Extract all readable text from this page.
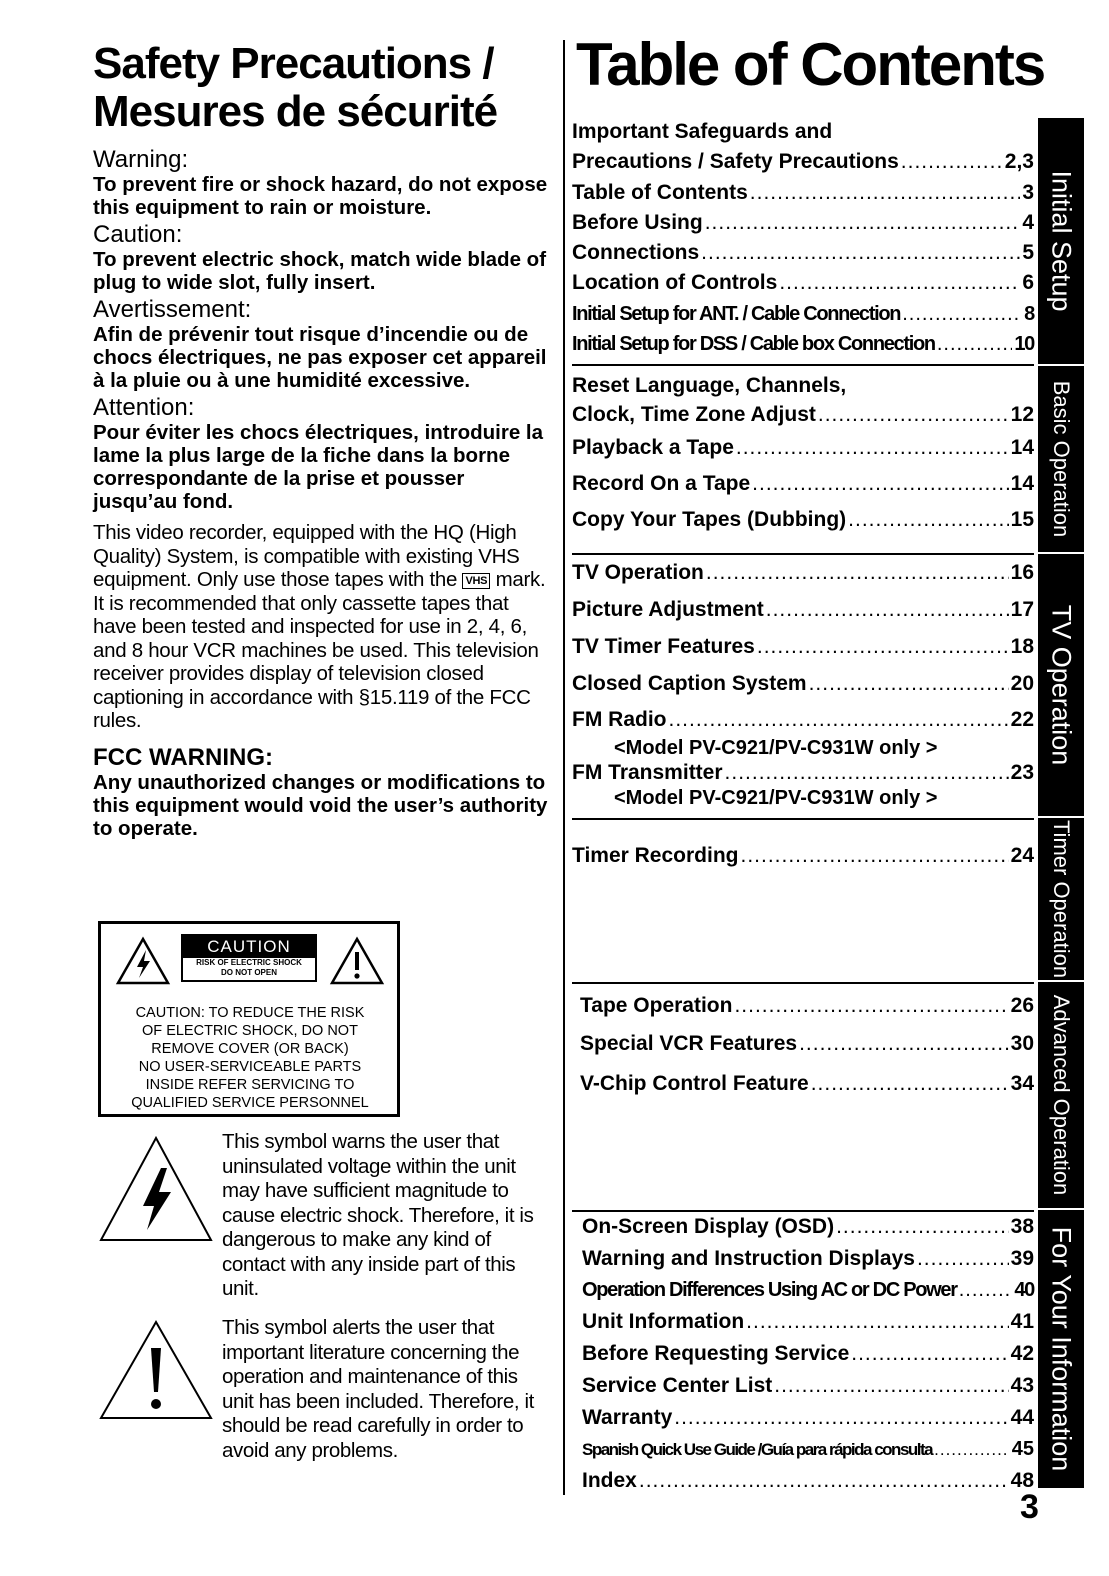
Safety Precautions /
Mesures de sécurité
Warning:
To prevent fire or shock hazard, do not expose this equipment to rain or moisture.
Caution:
To prevent electric shock, match wide blade of plug to wide slot, fully insert.
Avertissement:
Afin de prévenir tout risque d’incendie ou de chocs électriques, ne pas exposer cet appareil à la pluie ou à une humidité excessive.
Attention:
Pour éviter les chocs électriques, introduire la lame la plus large de la fiche dans la borne correspondante de la prise et pousser jusqu’au fond.
This video recorder, equipped with the HQ (High Quality) System, is compatible with existing VHS equipment. Only use those tapes with the VHS mark. It is recommended that only cassette tapes that have been tested and inspected for use in 2, 4, 6, and 8 hour VCR machines be used. This television receiver provides display of television closed captioning in accordance with §15.119 of the FCC rules.
FCC WARNING:
Any unauthorized changes or modifications to this equipment would void the user’s authority to operate.
CAUTION
RISK OF ELECTRIC SHOCK
DO NOT OPEN
CAUTION: TO REDUCE THE RISK
OF ELECTRIC SHOCK, DO NOT
REMOVE COVER (OR BACK)
NO USER-SERVICEABLE PARTS
INSIDE REFER SERVICING TO
QUALIFIED SERVICE PERSONNEL
This symbol warns the user that uninsulated voltage within the unit may have sufficient magnitude to cause electric shock. Therefore, it is dangerous to make any kind of contact with any inside part of this unit.
This symbol alerts the user that important literature concerning the operation and maintenance of this unit has been included. Therefore, it should be read carefully in order to avoid any problems.
Table of Contents
Important Safeguards and
Precautions / Safety Precautions .....	2,3
Table of Contents .....	3
Before Using .....	4
Connections .....	5
Location of Controls .....	6
Initial Setup for ANT. / Cable Connection .....	8
Initial Setup for DSS / Cable box Connection .....	10
Reset Language, Channels,
Clock, Time Zone Adjust .....	12
Playback a Tape .....	14
Record On a Tape .....	14
Copy Your Tapes (Dubbing) .....	15
TV Operation .....	16
Picture Adjustment .....	17
TV Timer Features .....	18
Closed Caption System .....	20
FM Radio .....	22
<Model PV-C921/PV-C931W only >
FM Transmitter .....	23
<Model PV-C921/PV-C931W only >
Timer Recording .....	24
Tape Operation .....	26
Special VCR Features .....	30
V-Chip Control Feature .....	34
On-Screen Display (OSD) .....	38
Warning and Instruction Displays .....	39
Operation Differences Using AC or DC Power .....	40
Unit Information .....	41
Before Requesting Service .....	42
Service Center List .....	43
Warranty .....	44
Spanish Quick Use Guide /Guía para rápida consulta .....	45
Index .....	48
Initial Setup
Basic Operation
TV Operation
Timer Operation
Advanced Operation
For Your Information
3
